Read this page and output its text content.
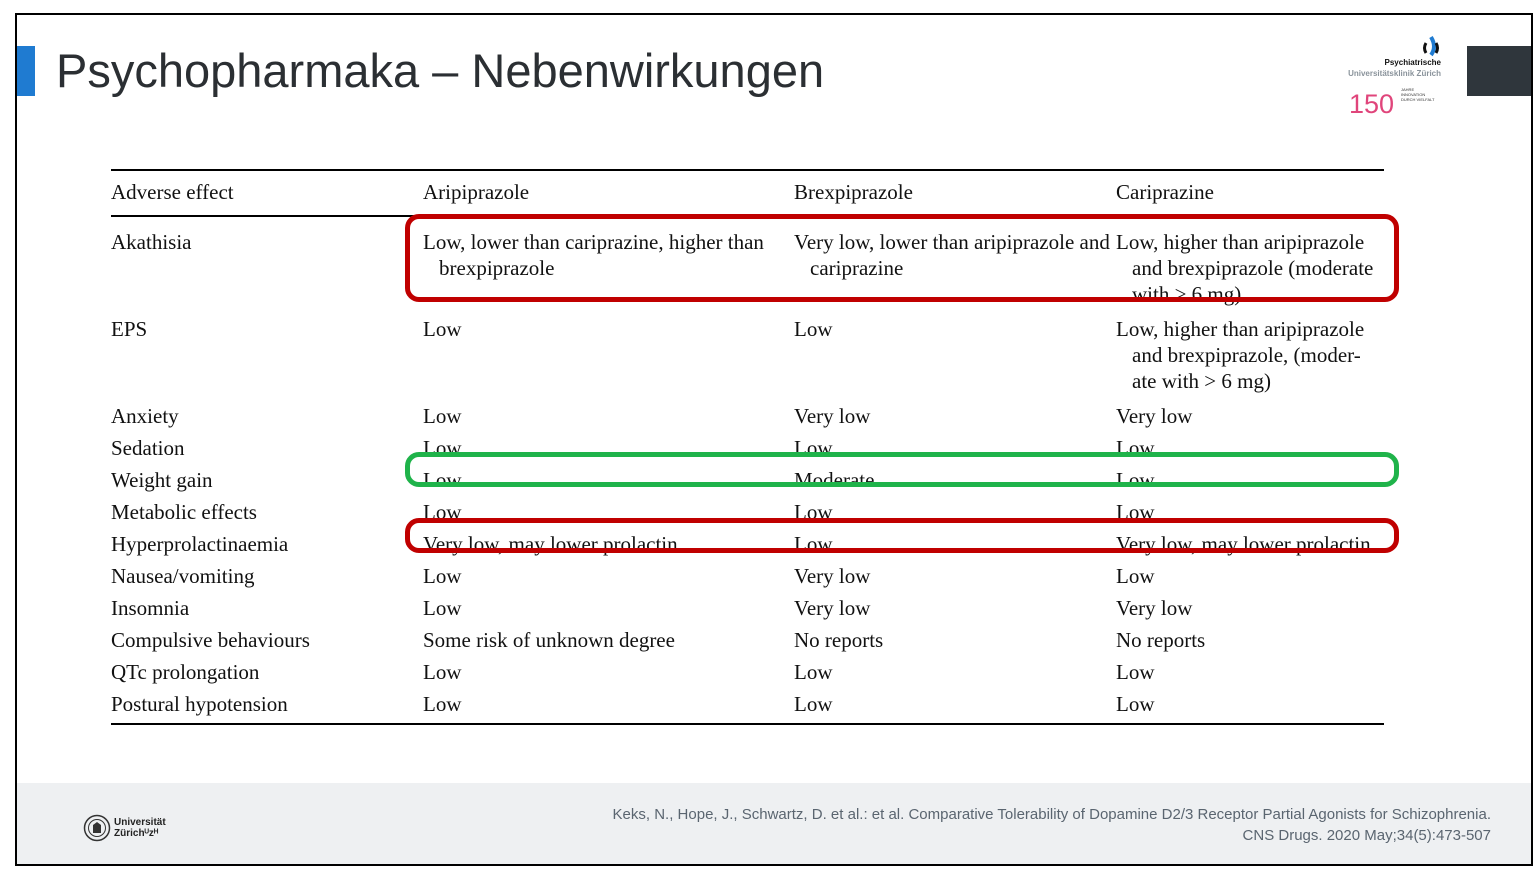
Psychopharmaka – Nebenwirkungen	Psychiatrische
Universitätsklinik Zürich
150 JAHRE
INNOVATION
DURCH VIELFALT
Adverse effect	Aripiprazole	Brexpiprazole	Cariprazine
Akathisia	Low, lower than cariprazine, higher than brexpiprazole	Very low, lower than aripiprazole and cariprazine	Low, higher than aripiprazole and brexpiprazole (moderate with > 6 mg)

EPS	Low	Low	Low, higher than aripiprazole and brexpiprazole, (moder-ate with > 6 mg)

Anxiety	Low	Very low	Very low
Sedation	Low	Low	Low
Weight gain	Low	Moderate	Low
Metabolic effects	Low	Low	Low
Hyperprolactinaemia	Very low, may lower prolactin	Low	Very low, may lower prolactin
Nausea/vomiting	Low	Very low	Low
Insomnia	Low	Very low	Very low
Compulsive behaviours	Some risk of unknown degree	No reports	No reports
QTc prolongation	Low	Low	Low
Postural hypotension	Low	Low	Low
Universität
Zürichᵁᴢᴴ
Keks, N., Hope, J., Schwartz, D. et al.: et al. Comparative Tolerability of Dopamine D2/3 Receptor Partial Agonists for Schizophrenia.
CNS Drugs. 2020 May;34(5):473-507
